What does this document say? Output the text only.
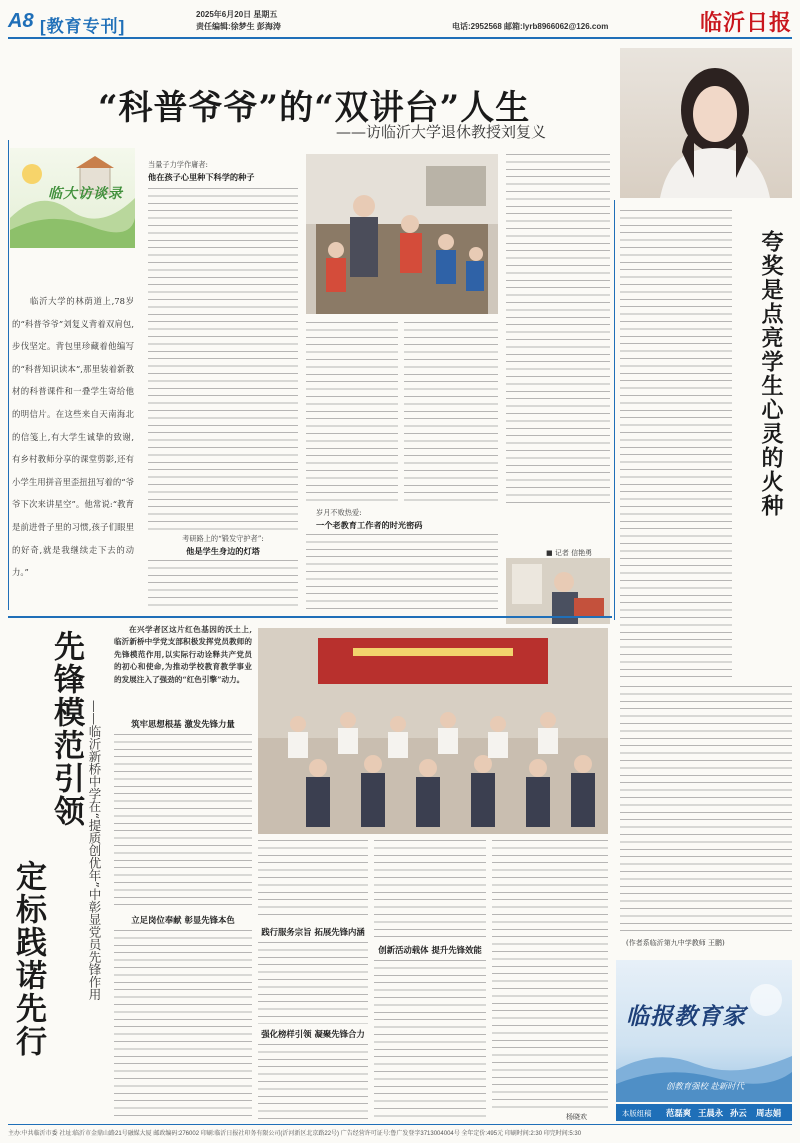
A8 [教育专刊]
2025年6月20日 星期五
责任编辑:徐梦生 彭海涛	电话:2952568 邮箱:lyrb8966062@126.com	临沂日报
“科普爷爷”的“双讲台”人生
——访临沂大学退休教授刘复义
临大访谈录
临沂大学的林荫道上,78岁的“科普爷爷”刘复义背着双肩包,步伐坚定。背包里珍藏着他编写的“科普知识读本”,那里装着新教材的科普课件和一叠学生寄给他的明信片。在这些来自天南海北的信笺上,有大学生诚挚的致谢,有乡村教师分享的课堂剪影,还有小学生用拼音里歪扭扭写着的“爷爷下次来讲星空”。他常说:“教育是前进骨子里的习惯,孩子们眼里的好奇,就是我继续走下去的动力。”
当量子力学作庸者:
他在孩子心里种下科学的种子
考研路上的“锻发守护者”:
他是学生身边的灯塔
岁月不败热爱:
一个老教育工作者的时光密码
■ 记者 信艳勇
夸奖是点亮学生心灵的火种
(作者系临沂第九中学教师 王鹏)
先锋模范引领
定标践诺先行	——临沂新桥中学在“提质创优年”中彰显党员先锋作用
在兴学者区这片红色基因的沃土上,临沂新桥中学党支部积极发挥党员教师的先锋模范作用,以实际行动诠释共产党员的初心和使命,为推动学校教育教学事业的发展注入了强劲的“红色引擎”动力。
筑牢思想根基 激发先锋力量
立足岗位奉献 彰显先锋本色
践行服务宗旨 拓展先锋内涵
强化榜样引领 凝聚先锋合力
创新活动载体 提升先锋效能
杨晓欢
临报教育家
创教育强校 赴新时代
本版组稿 范磊爽 王晨永 孙云 周志娟
主办:中共临沂市委 社址:临沂市金鼎山路21号融媒大厦 邮政编码:276002 印刷:临沂日报社印务有限公司(沂河新区北京路22号) 广告经营许可证号:鲁广发登字3713004004号 全年定价:495元 印刷时间:2:30 印完时间:5:30
